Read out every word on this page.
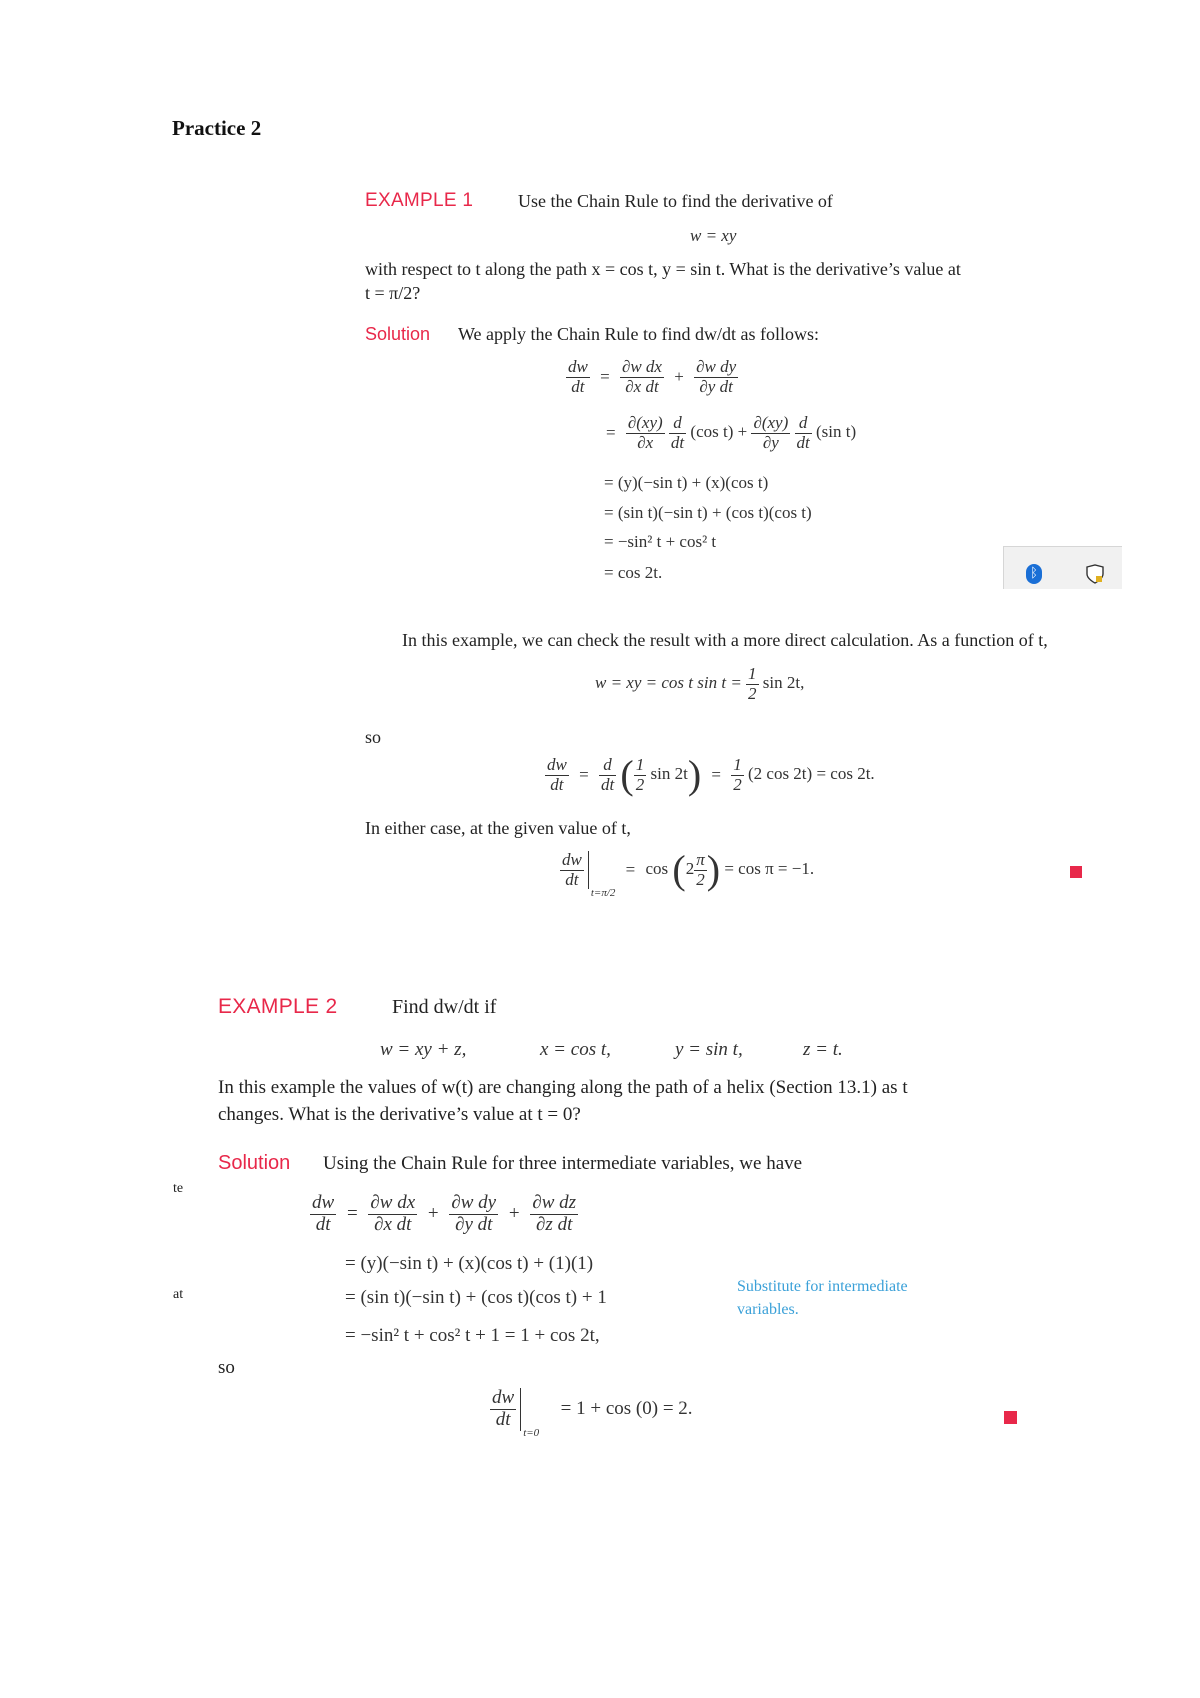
Practice 2
EXAMPLE 1 Use the Chain Rule to find the derivative of
w = xy
with respect to t along the path x = cos t, y = sin t. What is the derivative’s value at
t = π/2?
Solution We apply the Chain Rule to find dw/dt as follows:
$\frac{dw}{dt} = \frac{\text{∂w dx}}{\text{∂x dt}} + \frac{\text{∂w dy}}{\text{∂y dt}}$
= $\frac{\partial(xy)}{\partial x}$
$\frac{d}{dt} (\cos$ $t) + \frac{\partial(xy)}{\partial y}$
$\frac{d}{dt} (\sin$ t)
= (y)(−sin t) + (x)(cos t)
= (sin t)(−sin t) + (cos t)(cos t)
= −sin² t + cos² t
= cos 2t.	ᛒ
In this example, we can check the result with a more direct calculation. As a function of t,
w = xy = cos t $\sin t = \frac{1}{2}$ sin 2t,
so
$\frac{dw}{dt} = \frac{d}{dt}$ ( $\frac{1}{2}$ $\sin 2t) = \frac{1}{2} (2$ cos 2t) = cos 2t.
In either case, at the given value of t,
$\frac{dw}{dt}$
$_{t=\pi/2} = \cos (2 \frac{\pi}{2}$ ) = cos π = −1.
EXAMPLE 2	Find dw/dt if
w = xy + z,	x = cos t,	y = sin t,	z = t.
In this example the values of w(t) are changing along the path of a helix (Section 13.1) as t
changes. What is the derivative’s value at t = 0?
Solution Using the Chain Rule for three intermediate variables, we have
te
at
$\frac{dw}{dt} = \frac{\text{∂w dx}}{\text{∂x dt}} + \frac{\text{∂w dy}}{\text{∂y dt}} + \frac{\text{∂w dz}}{\text{∂z dt}}$
= (y)(−sin t) + (x)(cos t) + (1)(1)
= (sin t)(−sin t) + (cos t)(cos t) + 1
= −sin² t + cos² t + 1 = 1 + cos 2t,
Substitute for intermediate variables.
so
$\frac{dw}{dt}$
$_{t=0}$  = 1 + cos (0) = 2.
